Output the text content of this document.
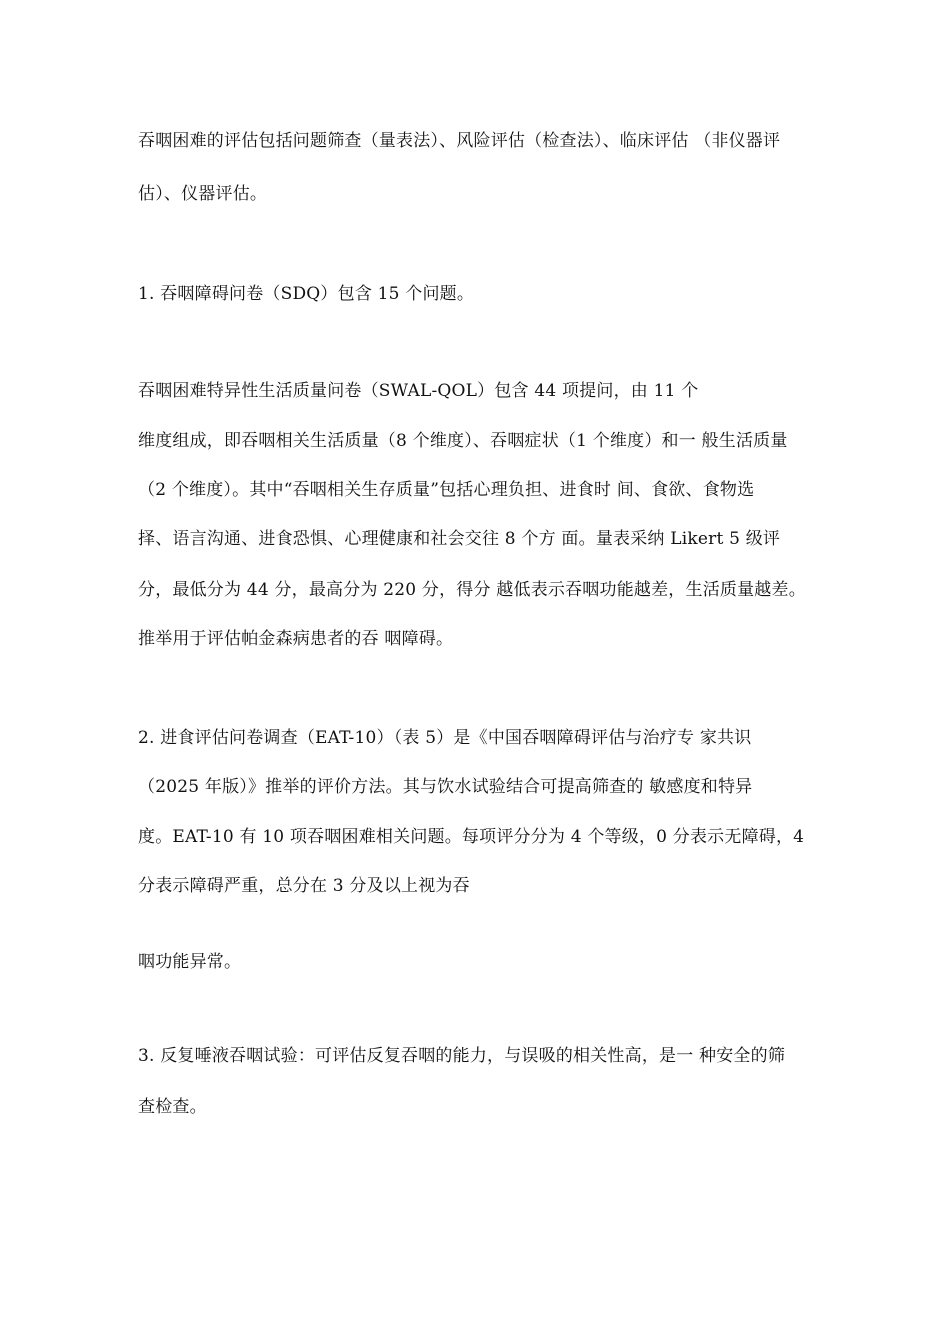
吞咽困难的评估包括问题筛查（量表法）、风险评估（检查法）、临床评估 （非仪器评
估）、仪器评估。
1. 吞咽障碍问卷（SDQ）包含 15 个问题。
吞咽困难特异性生活质量问卷（SWAL-QOL）包含 44 项提问，由 11 个
维度组成，即吞咽相关生活质量（8 个维度）、吞咽症状（1 个维度）和一 般生活质量
（2 个维度）。其中“吞咽相关生存质量”包括心理负担、进食时 间、食欲、食物选
择、语言沟通、进食恐惧、心理健康和社会交往 8 个方 面。量表采纳 Likert 5 级评
分，最低分为 44 分，最高分为 220 分，得分 越低表示吞咽功能越差，生活质量越差。
推举用于评估帕金森病患者的吞 咽障碍。
2. 进食评估问卷调查（EAT-10）（表 5）是《中国吞咽障碍评估与治疗专 家共识
（2025 年版）》推举的评价方法。其与饮水试验结合可提高筛查的 敏感度和特异
度。EAT-10 有 10 项吞咽困难相关问题。每项评分分为 4 个等级，0 分表示无障碍，4
分表示障碍严重，总分在 3 分及以上视为吞
咽功能异常。
3. 反复唾液吞咽试验：可评估反复吞咽的能力，与误吸的相关性高，是一 种安全的筛
查检查。
